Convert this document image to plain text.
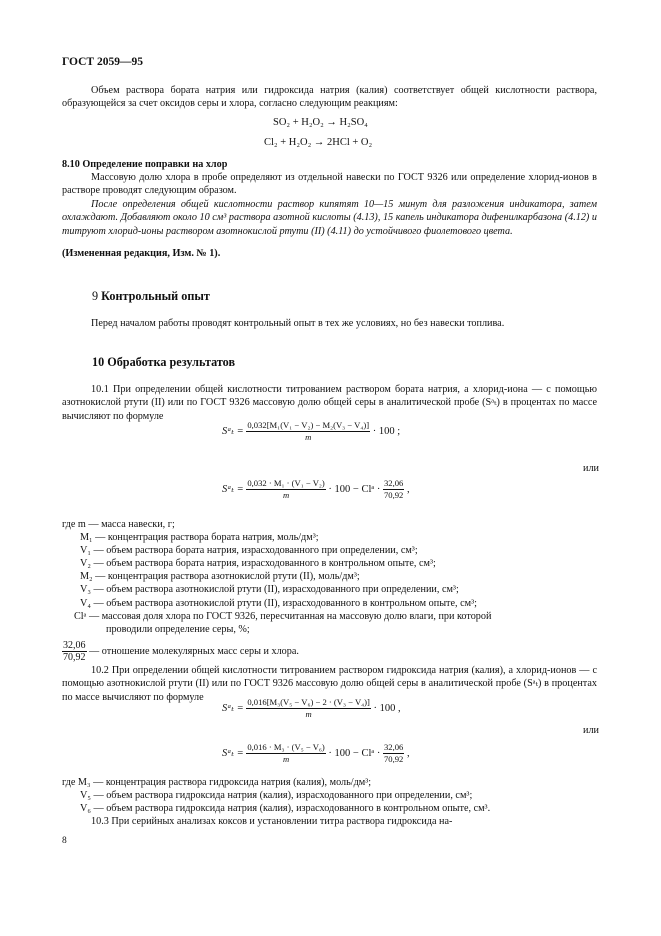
ГОСТ 2059—95
Объем раствора бората натрия или гидроксида натрия (калия) соответствует общей кислотности раствора, образующейся за счет оксидов серы и хлора, согласно следующим реакциям:
SO₂ + H₂O₂ → H₂SO₄
Cl₂ + H₂O₂ → 2HCl + O₂
8.10 Определение поправки на хлор
Массовую долю хлора в пробе определяют из отдельной навески по ГОСТ 9326 или определение хлорид-ионов в растворе проводят следующим образом.
После определения общей кислотности раствор кипятят 10—15 минут для разложения индикатора, затем охлаждают. Добавляют около 10 см³ раствора азотной кислоты (4.13), 15 капель индикатора дифенилкарбазона (4.12) и титруют хлорид-ионы раствором азотнокислой ртути (II) (4.11) до устойчивого фиолетового цвета.
(Измененная редакция, Изм. № 1).
9 Контрольный опыт
Перед началом работы проводят контрольный опыт в тех же условиях, но без навески топлива.
10 Обработка результатов
10.1 При определении общей кислотности титрованием раствором бората натрия, а хлорид-иона — с помощью азотнокислой ртути (II) или по ГОСТ 9326 массовую долю общей серы в аналитической пробе (Sᵃₜ) в процентах по массе вычисляют по формуле
Sᵃₜ = $\frac{\text{0,032[M₁(V₁ − V₂) − M₂(V₃ − V₄)]}}{m} \cdot 100$ ;
или
Sᵃₜ = $\frac{\text{0,032 · M₁ · (V₁ − V₂)}}{m} \cdot 100$ − Clᵃ · $\frac{32,06}{70,92}$ ,
где m — масса навески, г;
M₁ — концентрация раствора бората натрия, моль/дм³;
V₁ — объем раствора бората натрия, израсходованного при определении, см³;
V₂ — объем раствора бората натрия, израсходованного в контрольном опыте, см³;
M₂ — концентрация раствора азотнокислой ртути (II), моль/дм³;
V₃ — объем раствора азотнокислой ртути (II), израсходованного при определении, см³;
V₄ — объем раствора азотнокислой ртути (II), израсходованного в контрольном опыте, см³;
Clᵃ — массовая доля хлора по ГОСТ 9326, пересчитанная на массовую долю влаги, при которой
проводили определение серы, %;
$\frac{32,06}{70,92}$ — отношение молекулярных масс серы и хлора.
10.2 При определении общей кислотности титрованием раствором гидроксида натрия (калия), а хлорид-ионов — с помощью азотнокислой ртути (II) или по ГОСТ 9326 массовую долю общей серы в аналитической пробе (Sᵃₜ) в процентах по массе вычисляют по формуле
Sᵃₜ = $\frac{\text{0,016[M₃(V₅ − V₆) − 2 · (V₃ − V₄)]}}{m} \cdot 100$ ,
или
Sᵃₜ = $\frac{\text{0,016 · M₃ · (V₅ − V₆)}}{m} \cdot 100$ − Clᵃ · $\frac{32,06}{70,92}$ ,
где M₃ — концентрация раствора гидроксида натрия (калия), моль/дм³;
V₅ — объем раствора гидроксида натрия (калия), израсходованного при определении, см³;
V₆ — объем раствора гидроксида натрия (калия), израсходованного в контрольном опыте, см³.
10.3 При серийных анализах коксов и установлении титра раствора гидроксида на-
8
